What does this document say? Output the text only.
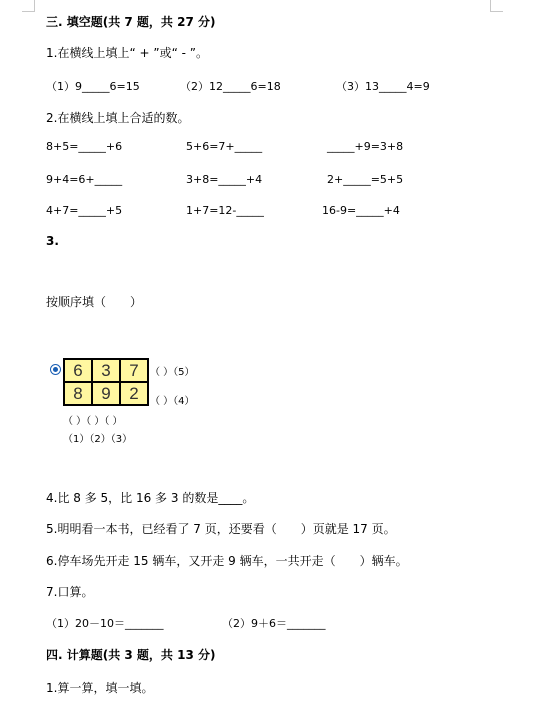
三. 填空题(共 7 题，共 27 分)
1.在横线上填上“ + ”或“ - ”。
（1）9_____6=15	（2）12_____6=18	（3）13_____4=9
2.在横线上填上合适的数。
8+5=_____+6	5+6=7+_____	_____+9=3+8
9+4=6+_____	3+8=_____+4	2+_____=5+5
4+7=_____+5	1+7=12-_____	16-9=_____+4
3.
按顺序填（　　）
6	3	7
8	9	2
（ ）（5）
（ ）（4）
（ ）（ ）（ ）
（1）（2）（3）
4.比 8 多 5，比 16 多 3 的数是____。
5.明明看一本书，已经看了 7 页，还要看（　　）页就是 17 页。
6.停车场先开走 15 辆车，又开走 9 辆车，一共开走（　　）辆车。
7.口算。
（1）20－10＝_______	（2）9＋6＝_______
四. 计算题(共 3 题，共 13 分)
1.算一算，填一填。
